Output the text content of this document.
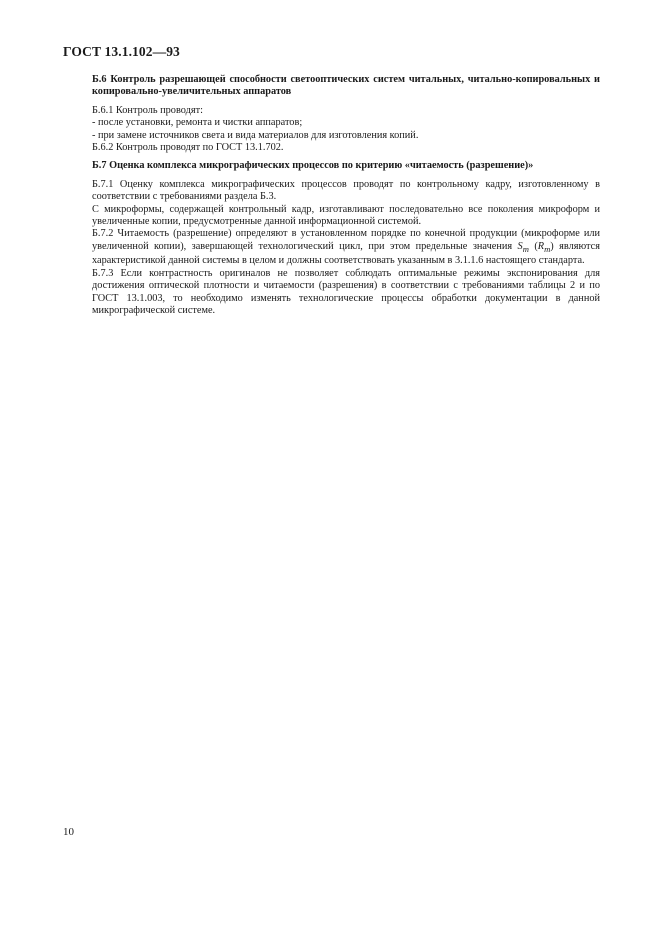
ГОСТ 13.1.102—93

Б.6 Контроль разрешающей способности светооптических систем читальных, читально-копировальных и копировально-увеличительных аппаратов

Б.6.1 Контроль проводят:

- после установки, ремонта и чистки аппаратов;

- при замене источников света и вида материалов для изготовления копий.

Б.6.2 Контроль проводят по ГОСТ 13.1.702.

Б.7 Оценка комплекса микрографических процессов по критерию «читаемость (разрешение)»

Б.7.1 Оценку комплекса микрографических процессов проводят по контрольному кадру, изготовленному в соответствии с требованиями раздела Б.3.

С микроформы, содержащей контрольный кадр, изготавливают последовательно все поколения микроформ и увеличенные копии, предусмотренные данной информационной системой.

Б.7.2 Читаемость (разрешение) определяют в установленном порядке по конечной продукции (микроформе или увеличенной копии), завершающей технологический цикл, при этом предельные значения $S_m$ $(R_m)$ являются характеристикой данной системы в целом и должны соответствовать указанным в 3.1.1.6 настоящего стандарта.

Б.7.3 Если контрастность оригиналов не позволяет соблюдать оптимальные режимы экспонирования для достижения оптической плотности и читаемости (разрешения) в соответствии с требованиями таблицы 2 и по ГОСТ 13.1.003, то необходимо изменять технологические процессы обработки документации в данной микрографической системе.

10
